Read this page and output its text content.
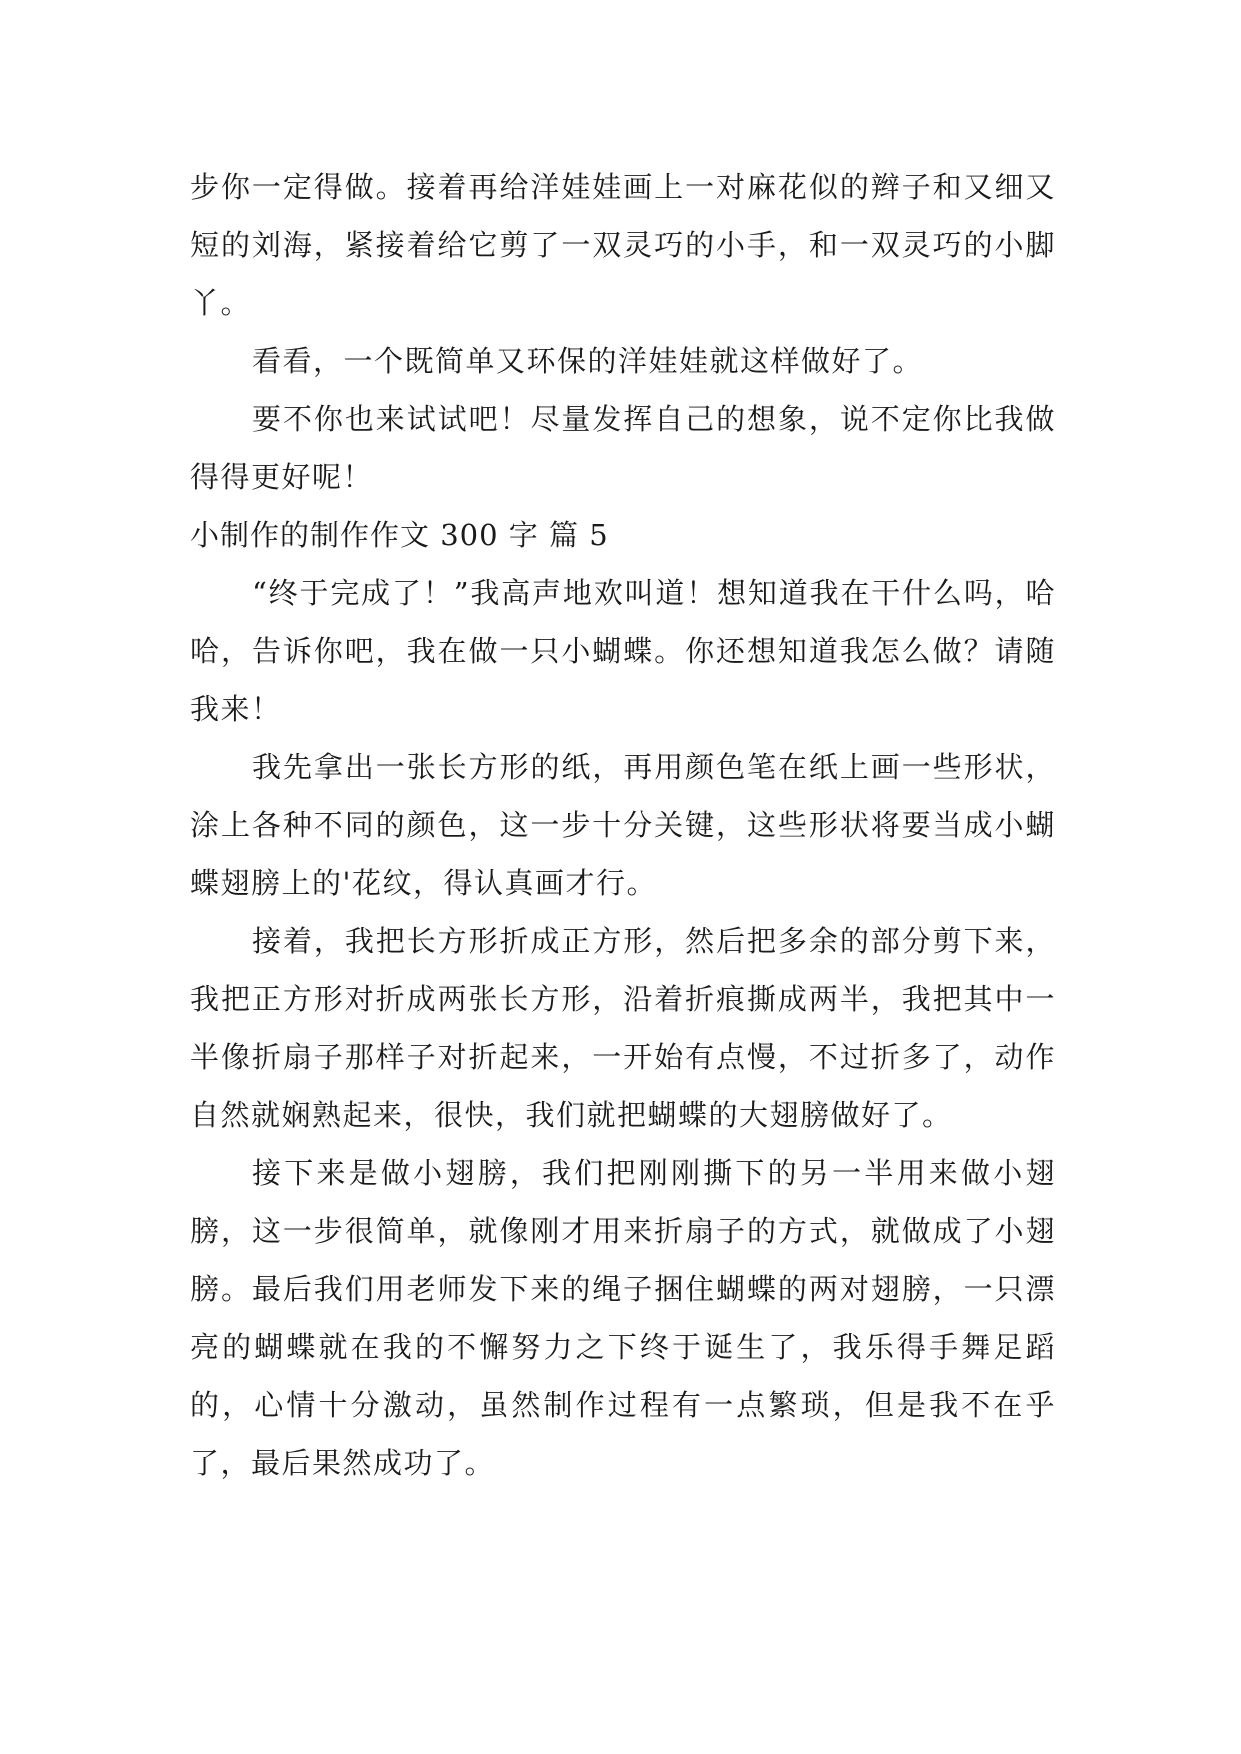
步你一定得做。接着再给洋娃娃画上一对麻花似的辫子和又细又短的刘海，紧接着给它剪了一双灵巧的小手，和一双灵巧的小脚丫。

看看，一个既简单又环保的洋娃娃就这样做好了。

要不你也来试试吧！尽量发挥自己的想象，说不定你比我做得得更好呢！

小制作的制作作文 300 字 篇 5

“终于完成了！”我高声地欢叫道！想知道我在干什么吗，哈哈，告诉你吧，我在做一只小蝴蝶。你还想知道我怎么做？请随我来！

我先拿出一张长方形的纸，再用颜色笔在纸上画一些形状，涂上各种不同的颜色，这一步十分关键，这些形状将要当成小蝴蝶翅膀上的'花纹，得认真画才行。

接着，我把长方形折成正方形，然后把多余的部分剪下来，我把正方形对折成两张长方形，沿着折痕撕成两半，我把其中一半像折扇子那样子对折起来，一开始有点慢，不过折多了，动作自然就娴熟起来，很快，我们就把蝴蝶的大翅膀做好了。

接下来是做小翅膀，我们把刚刚撕下的另一半用来做小翅膀，这一步很简单，就像刚才用来折扇子的方式，就做成了小翅膀。最后我们用老师发下来的绳子捆住蝴蝶的两对翅膀，一只漂亮的蝴蝶就在我的不懈努力之下终于诞生了，我乐得手舞足蹈的，心情十分激动，虽然制作过程有一点繁琐，但是我不在乎了，最后果然成功了。
